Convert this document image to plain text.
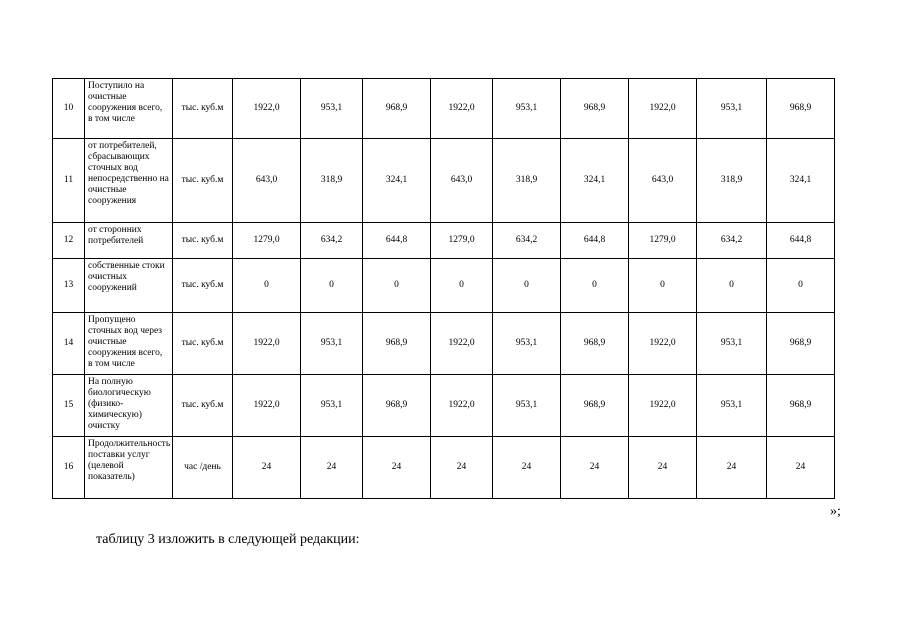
10	Поступило на очистные сооружения всего, в том числе	тыс. куб.м	1922,0	953,1	968,9	1922,0	953,1	968,9	1922,0	953,1	968,9
11	от потребителей, сбрасывающих сточных вод непосредственно на очистные сооружения	тыс. куб.м	643,0	318,9	324,1	643,0	318,9	324,1	643,0	318,9	324,1
12	от сторонних потребителей	тыс. куб.м	1279,0	634,2	644,8	1279,0	634,2	644,8	1279,0	634,2	644,8
13	собственные стоки очистных сооружений	тыс. куб.м	0	0	0	0	0	0	0	0	0
14	Пропущено сточных вод через очистные сооружения всего, в том числе	тыс. куб.м	1922,0	953,1	968,9	1922,0	953,1	968,9	1922,0	953,1	968,9
15	На полную биологическую (физико-химическую) очистку	тыс. куб.м	1922,0	953,1	968,9	1922,0	953,1	968,9	1922,0	953,1	968,9
16	Продолжительность поставки услуг (целевой показатель)	час /день	24	24	24	24	24	24	24	24	24
»;
таблицу 3 изложить в следующей редакции:
